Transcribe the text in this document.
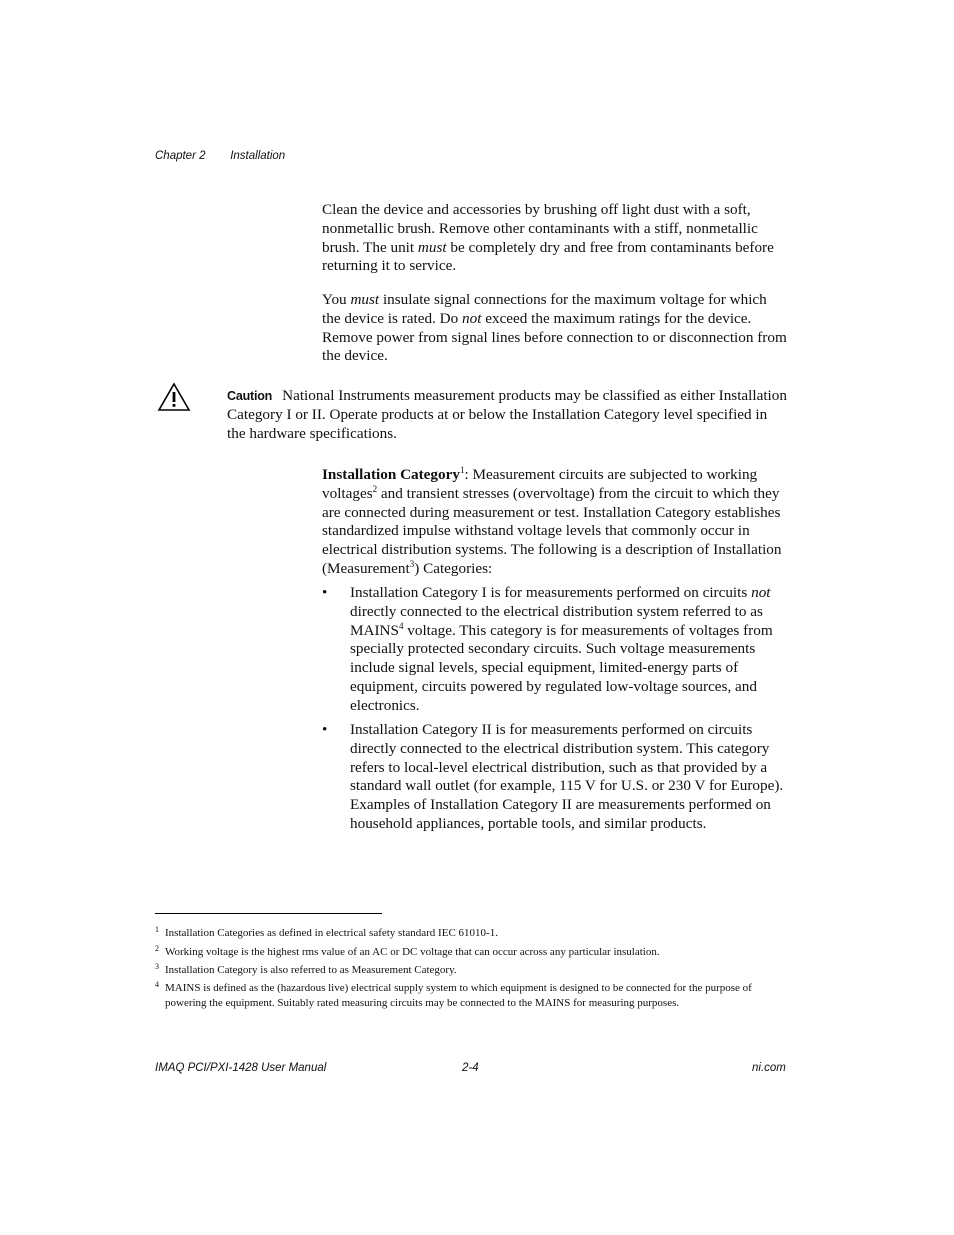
Chapter 2 Installation
Clean the device and accessories by brushing off light dust with a soft, nonmetallic brush. Remove other contaminants with a stiff, nonmetallic brush. The unit must be completely dry and free from contaminants before returning it to service.
You must insulate signal connections for the maximum voltage for which the device is rated. Do not exceed the maximum ratings for the device. Remove power from signal lines before connection to or disconnection from the device.
Caution National Instruments measurement products may be classified as either Installation Category I or II. Operate products at or below the Installation Category level specified in the hardware specifications.
Installation Category$^1$: Measurement circuits are subjected to working voltages$^2$ and transient stresses (overvoltage) from the circuit to which they are connected during measurement or test. Installation Category establishes standardized impulse withstand voltage levels that commonly occur in electrical distribution systems. The following is a description of Installation (Measurement$^3$) Categories:
• Installation Category I is for measurements performed on circuits not directly connected to the electrical distribution system referred to as MAINS$^4$ voltage. This category is for measurements of voltages from specially protected secondary circuits. Such voltage measurements include signal levels, special equipment, limited-energy parts of equipment, circuits powered by regulated low-voltage sources, and electronics.
• Installation Category II is for measurements performed on circuits directly connected to the electrical distribution system. This category refers to local-level electrical distribution, such as that provided by a standard wall outlet (for example, 115 V for U.S. or 230 V for Europe). Examples of Installation Category II are measurements performed on household appliances, portable tools, and similar products.
1 Installation Categories as defined in electrical safety standard IEC 61010-1.
2 Working voltage is the highest rms value of an AC or DC voltage that can occur across any particular insulation.
3 Installation Category is also referred to as Measurement Category.
4 MAINS is defined as the (hazardous live) electrical supply system to which equipment is designed to be connected for the purpose of powering the equipment. Suitably rated measuring circuits may be connected to the MAINS for measuring purposes.
IMAQ PCI/PXI-1428 User Manual	2-4	ni.com
